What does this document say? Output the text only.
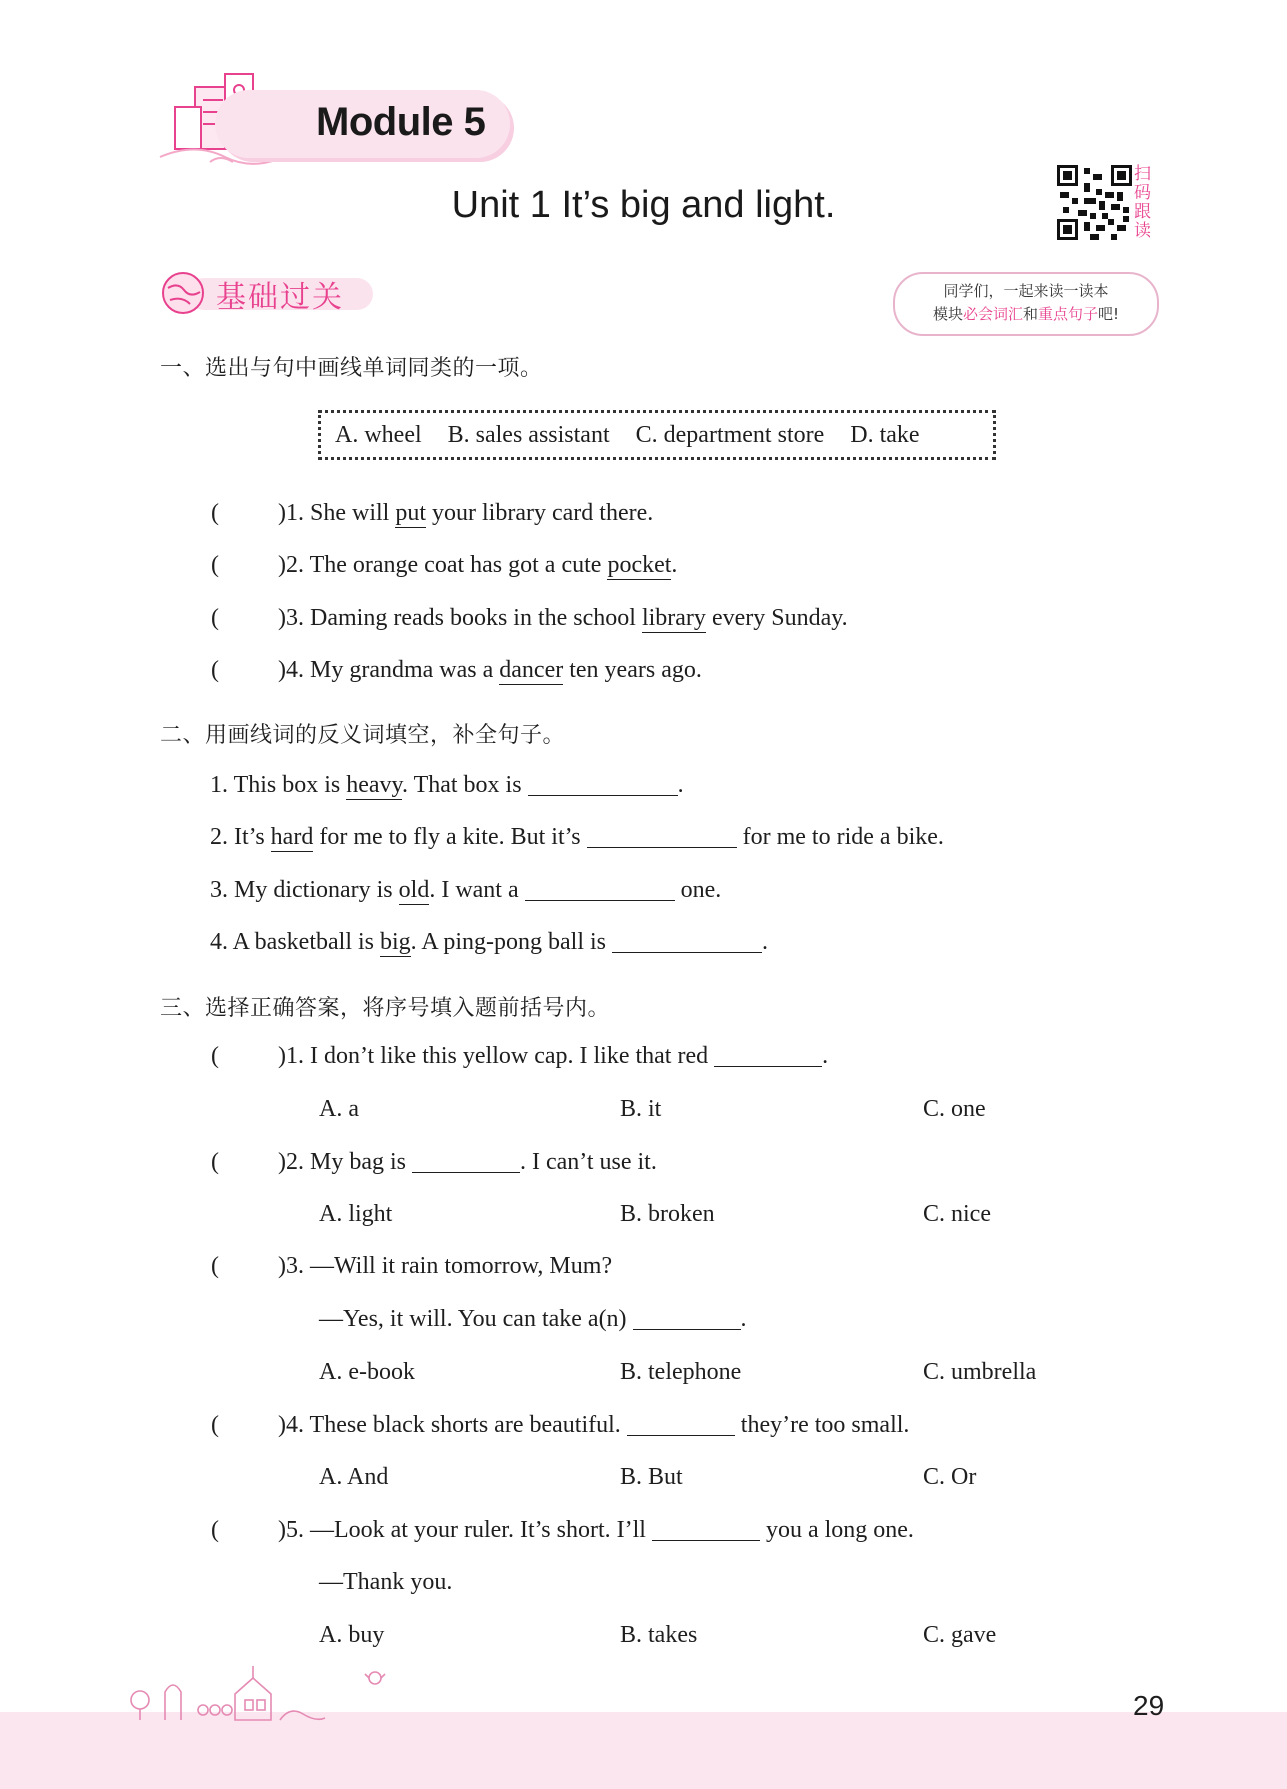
Module 5
Unit 1 It’s big and light.
扫
码
跟
读
基础过关	同学们，一起来读一读本
模块必会词汇和重点句子吧!
一、选出与句中画线单词同类的一项。
A. wheel B. sales assistant C. department store D. take
( )1. She will put your library card there.
( )2. The orange coat has got a cute pocket.
( )3. Daming reads books in the school library every Sunday.
( )4. My grandma was a dancer ten years ago.
二、用画线词的反义词填空，补全句子。
1. This box is heavy. That box is	.
2. It’s hard for me to fly a kite. But it’s	for me to ride a bike.
3. My dictionary is old. I want a	one.
4. A basketball is big. A ping-pong ball is	.
三、选择正确答案，将序号填入题前括号内。
( )1. I don’t like this yellow cap. I like that red	.
A. a	B. it	C. one
( )2. My bag is	. I can’t use it.
A. light	B. broken	C. nice
( )3. —Will it rain tomorrow, Mum?
—Yes, it will. You can take a(n)	.
A. e-book	B. telephone	C. umbrella
( )4. These black shorts are beautiful.	they’re too small.
A. And	B. But	C. Or
( )5. —Look at your ruler. It’s short. I’ll	you a long one.
—Thank you.
A. buy	B. takes	C. gave
29
